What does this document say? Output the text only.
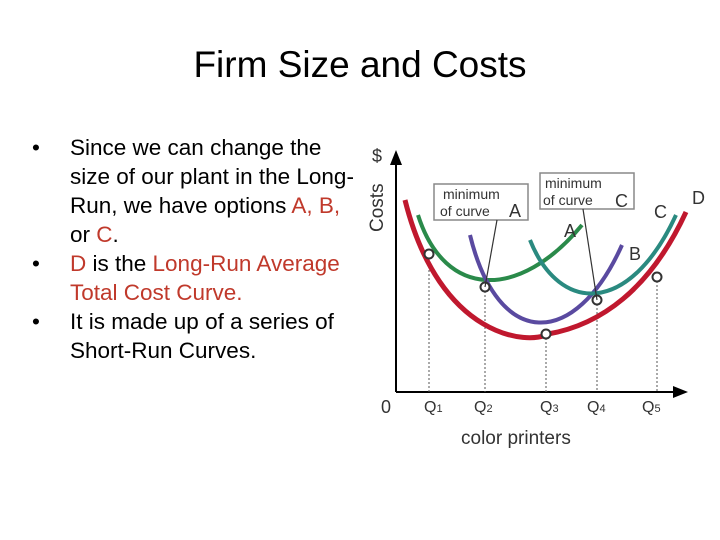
Firm Size and Costs
• Since we can change the size of our plant in the Long-Run, we have options A, B, or C.
• D is the Long-Run Average Total Cost Curve.
• It is made up of a series of Short-Run Curves.
$
Costs
0
color printers
Q1 Q2	Q3 Q4 Q5
minimum
of curve A
minimum
of curve C
A
B
C
D
